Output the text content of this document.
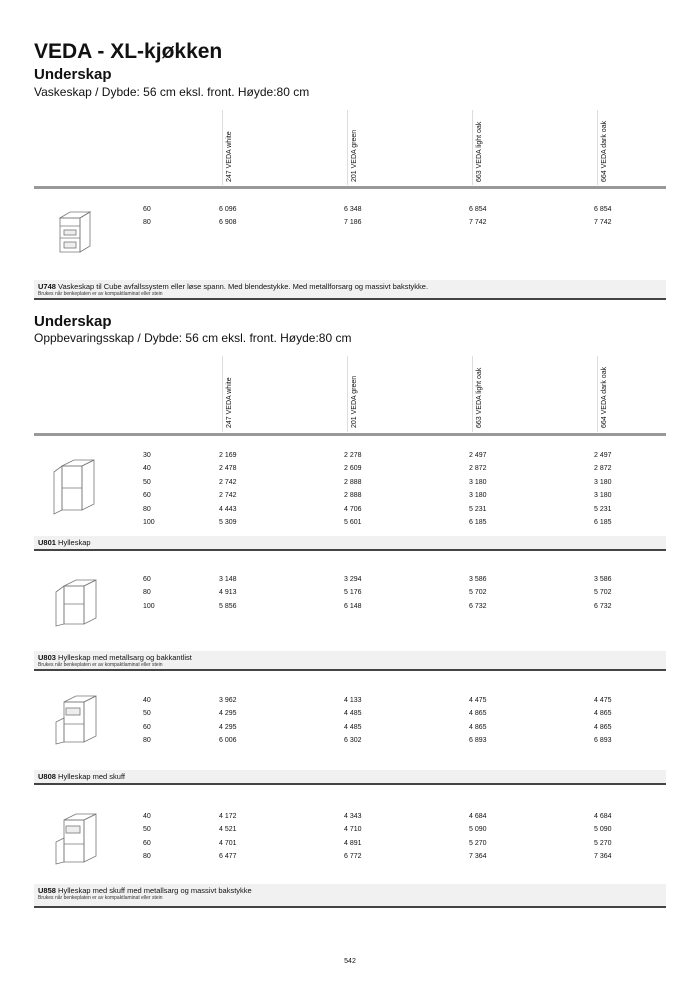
VEDA - XL-kjøkken
Underskap
Vaskeskap / Dybde: 56 cm eksl. front. Høyde:80 cm
247 VEDA white	201 VEDA green	663 VEDA light oak	664 VEDA dark oak
Underskap
Oppbevaringsskap / Dybde: 56 cm eksl. front. Høyde:80 cm
247 VEDA white	201 VEDA green	663 VEDA light oak	664 VEDA dark oak
60	6 096	6 348	6 854	6 854
80	6 908	7 186	7 742	7 742
30	2 169	2 278	2 497	2 497
40	2 478	2 609	2 872	2 872
50	2 742	2 888	3 180	3 180
60	2 742	2 888	3 180	3 180
80	4 443	4 706	5 231	5 231
100	5 309	5 601	6 185	6 185
60	3 148	3 294	3 586	3 586
80	4 913	5 176	5 702	5 702
100	5 856	6 148	6 732	6 732
40	3 962	4 133	4 475	4 475
50	4 295	4 485	4 865	4 865
60	4 295	4 485	4 865	4 865
80	6 006	6 302	6 893	6 893
40	4 172	4 343	4 684	4 684
50	4 521	4 710	5 090	5 090
60	4 701	4 891	5 270	5 270
80	6 477	6 772	7 364	7 364
U748 Vaskeskap til Cube avfallssystem eller løse spann. Med blendestykke. Med metallforsarg og massivt bakstykke.
Brukes når benkeplaten er av kompaktlaminat eller stein
U801 Hylleskap
U803 Hylleskap med metallsarg og bakkantlist
Brukes når benkeplaten er av kompaktlaminat eller stein
U808 Hylleskap med skuff
U858 Hylleskap med skuff med metallsarg og massivt bakstykke
Brukes når benkeplaten er av kompaktlaminat eller stein
542
